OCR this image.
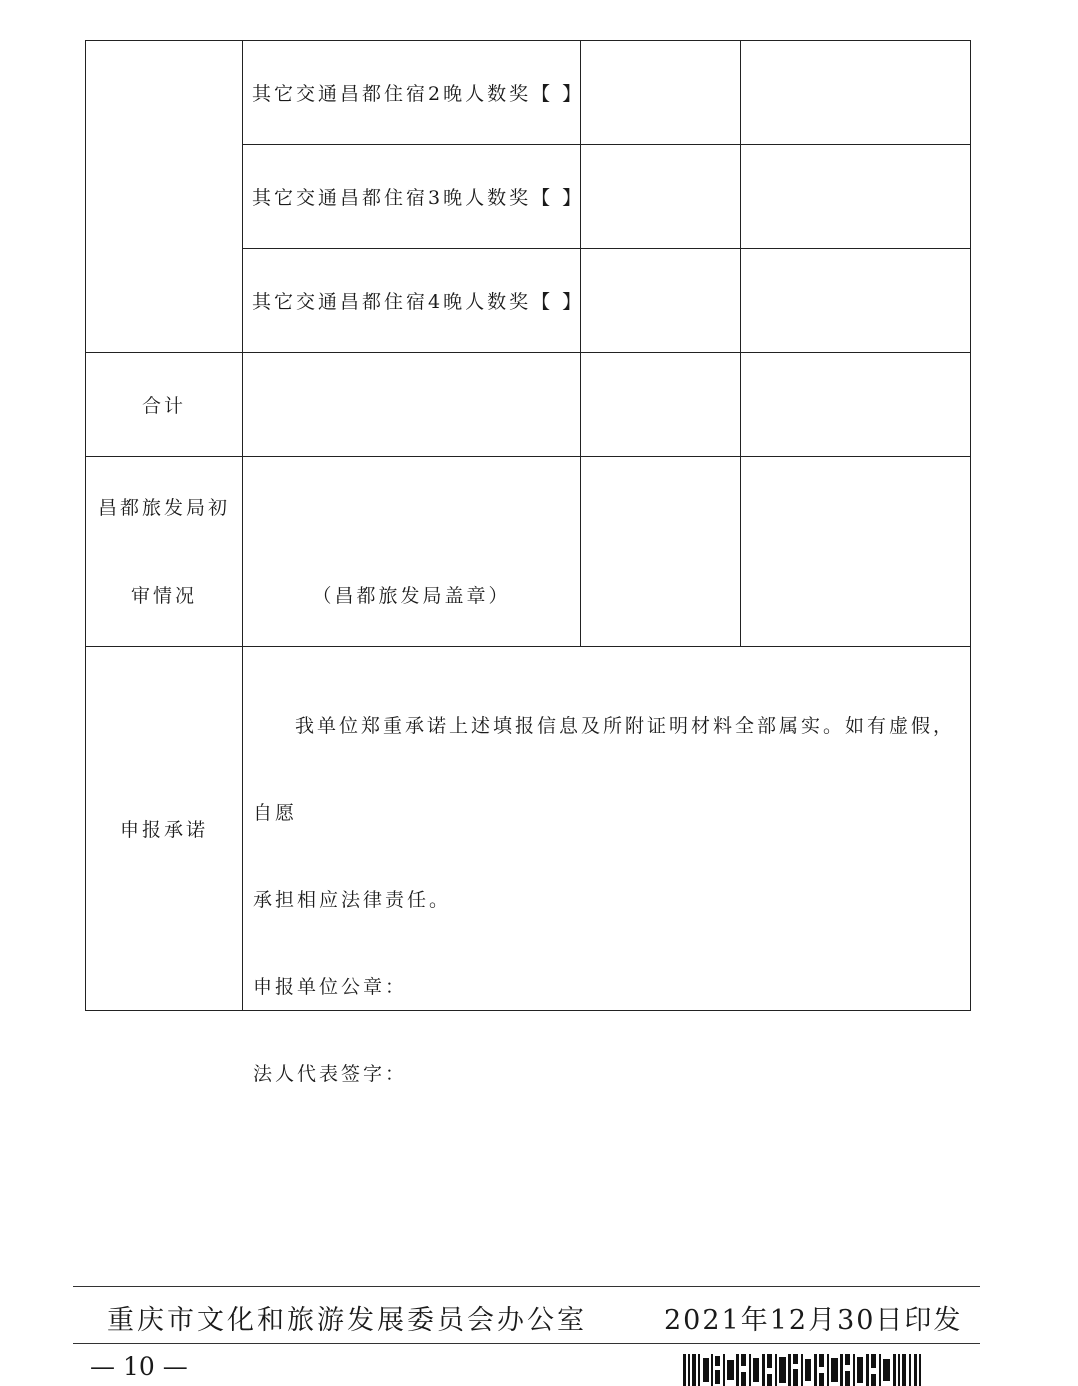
	其它交通昌都住宿2晚人数奖【 】		
	其它交通昌都住宿3晚人数奖【 】		
	其它交通昌都住宿4晚人数奖【 】		
合计			

昌都旅发局初
审情况	（昌都旅发局盖章）		

申报承诺	我单位郑重承诺上述填报信息及所附证明材料全部属实。如有虚假，自愿

承担相应法律责任。

申报单位公章：

法人代表签字：		

重庆市文化和旅游发展委员会办公室	2021年12月30日印发
— 10 —
